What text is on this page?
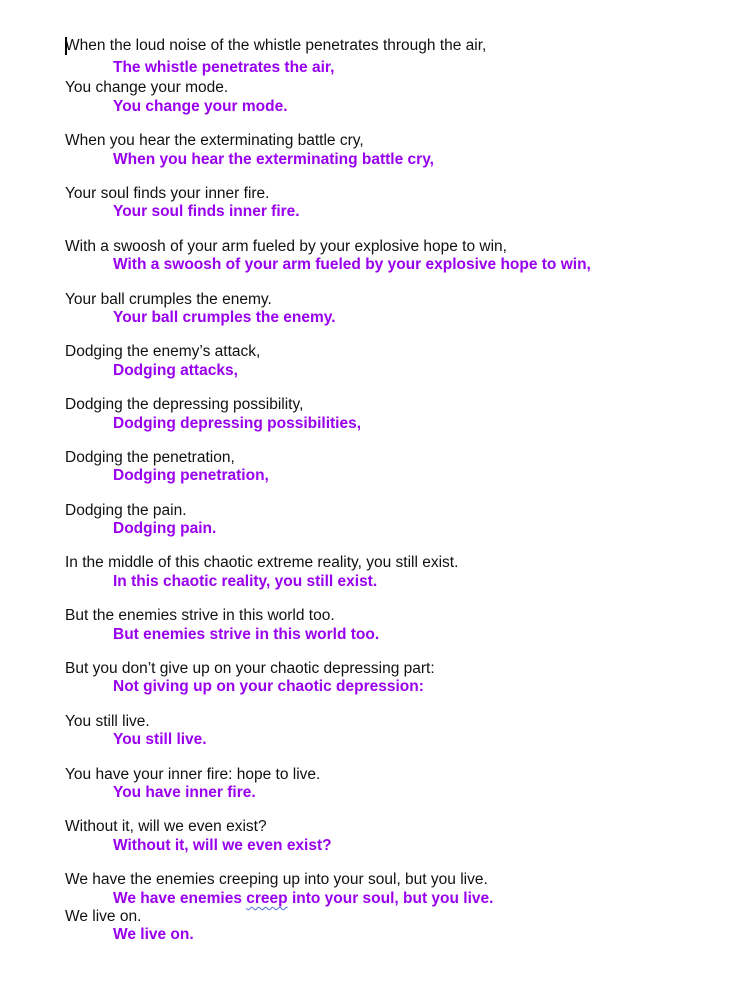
When the loud noise of the whistle penetrates through the air,
The whistle penetrates the air,
You change your mode.
You change your mode.
When you hear the exterminating battle cry,
When you hear the exterminating battle cry,
Your soul finds your inner fire.
Your soul finds inner fire.
With a swoosh of your arm fueled by your explosive hope to win,
With a swoosh of your arm fueled by your explosive hope to win,
Your ball crumples the enemy.
Your ball crumples the enemy.
Dodging the enemy’s attack,
Dodging attacks,
Dodging the depressing possibility,
Dodging depressing possibilities,
Dodging the penetration,
Dodging penetration,
Dodging the pain.
Dodging pain.
In the middle of this chaotic extreme reality, you still exist.
In this chaotic reality, you still exist.
But the enemies strive in this world too.
But enemies strive in this world too.
But you don’t give up on your chaotic depressing part:
Not giving up on your chaotic depression:
You still live.
You still live.
You have your inner fire: hope to live.
You have inner fire.
Without it, will we even exist?
Without it, will we even exist?
We have the enemies creeping up into your soul, but you live.
We have enemies creep into your soul, but you live.
We live on.
We live on.
